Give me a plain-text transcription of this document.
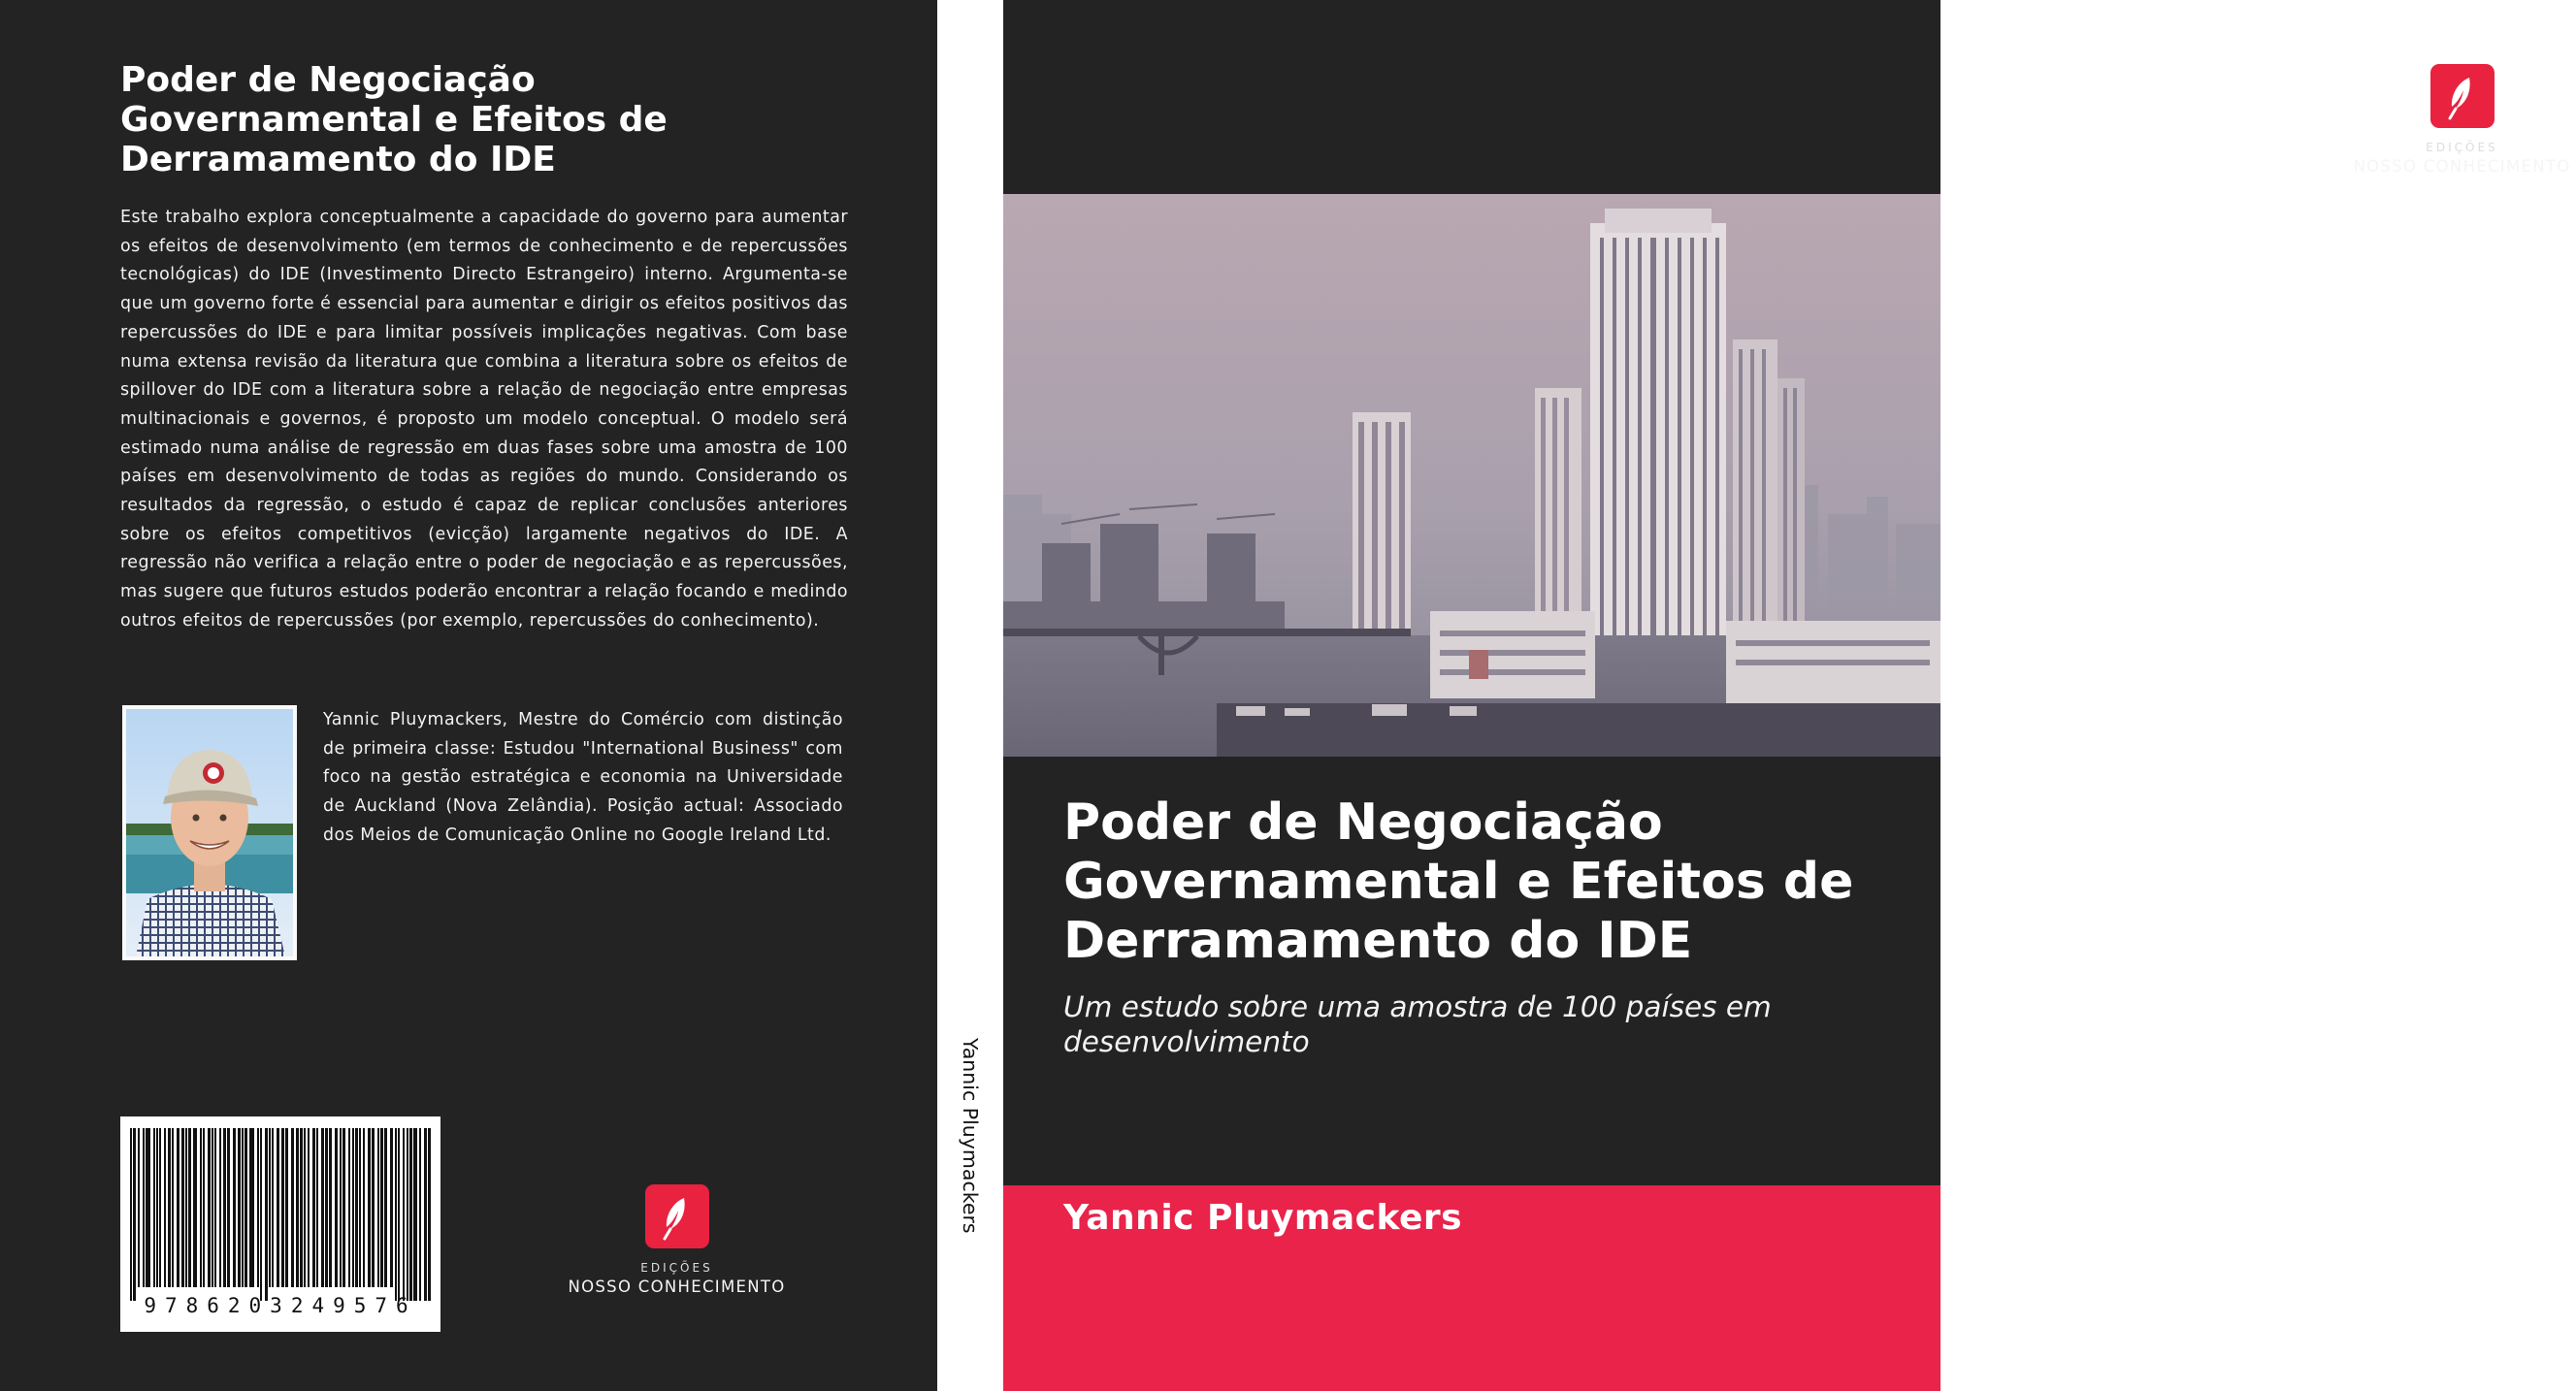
Poder de Negociação Governamental e Efeitos de Derramamento do IDE

Este trabalho explora conceptualmente a capacidade do governo para aumentar os efeitos de desenvolvimento (em termos de conhecimento e de repercussões tecnológicas) do IDE (Investimento Directo Estrangeiro) interno. Argumenta-se que um governo forte é essencial para aumentar e dirigir os efeitos positivos das repercussões do IDE e para limitar possíveis implicações negativas. Com base numa extensa revisão da literatura que combina a literatura sobre os efeitos de spillover do IDE com a literatura sobre a relação de negociação entre empresas multinacionais e governos, é proposto um modelo conceptual. O modelo será estimado numa análise de regressão em duas fases sobre uma amostra de 100 países em desenvolvimento de todas as regiões do mundo. Considerando os resultados da regressão, o estudo é capaz de replicar conclusões anteriores sobre os efeitos competitivos (evicção) largamente negativos do IDE. A regressão não verifica a relação entre o poder de negociação e as repercussões, mas sugere que futuros estudos poderão encontrar a relação focando e medindo outros efeitos de repercussões (por exemplo, repercussões do conhecimento).

Yannic Pluymackers, Mestre do Comércio com distinção de primeira classe: Estudou "International Business" com foco na gestão estratégica e economia na Universidade de Auckland (Nova Zelândia). Posição actual: Associado dos Meios de Comunicação Online no Google Ireland Ltd.

9786203249576
EDIÇÕES
NOSSO CONHECIMENTO
Yannic Pluymackers
EDIÇÕES
NOSSO CONHECIMENTO
Poder de Negociação Governamental e Efeitos de Derramamento do IDE

Um estudo sobre uma amostra de 100 países em desenvolvimento

Yannic Pluymackers
